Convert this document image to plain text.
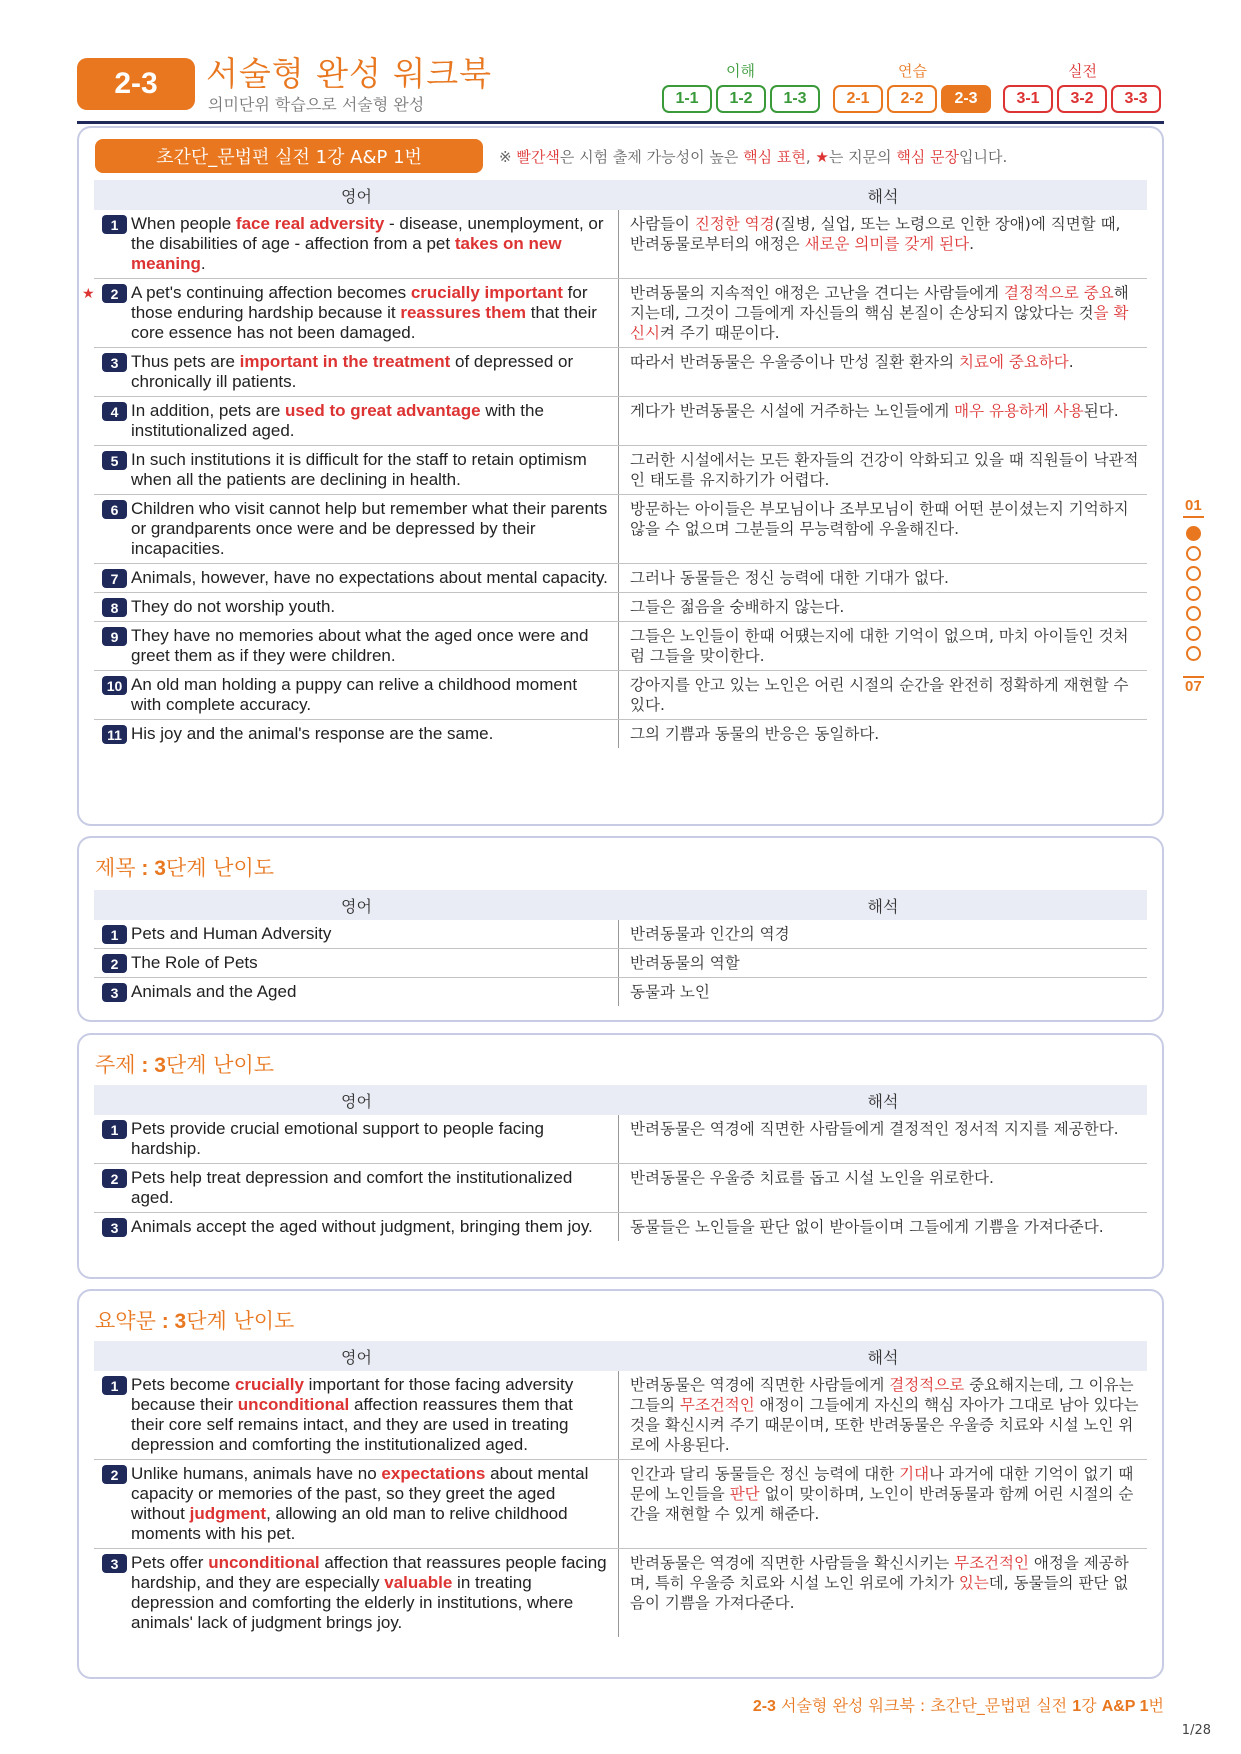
2-3	서술형 완성 워크북
의미단위 학습으로 서술형 완성
이해	연습	실전
1-1	1-2	1-3	2-1	2-2	2-3	3-1	3-2	3-3
초간단_문법편 실전 1강 A&P 1번	※ 빨간색은 시험 출제 가능성이 높은 핵심 표현, ★는 지문의 핵심 문장입니다.
영어	해석
1 When people face real adversity - disease, unemployment, or the disabilities of age - affection from a pet takes on new meaning.
사람들이 진정한 역경(질병, 실업, 또는 노령으로 인한 장애)에 직면할 때, 반려동물로부터의 애정은 새로운 의미를 갖게 된다.
★	2 A pet's continuing affection becomes crucially important for those enduring hardship because it reassures them that their core essence has not been damaged.
반려동물의 지속적인 애정은 고난을 견디는 사람들에게 결정적으로 중요해지는데, 그것이 그들에게 자신들의 핵심 본질이 손상되지 않았다는 것을 확신시켜 주기 때문이다.
3 Thus pets are important in the treatment of depressed or chronically ill patients.
따라서 반려동물은 우울증이나 만성 질환 환자의 치료에 중요하다.
4 In addition, pets are used to great advantage with the institutionalized aged.
게다가 반려동물은 시설에 거주하는 노인들에게 매우 유용하게 사용된다.
5 In such institutions it is difficult for the staff to retain optimism when all the patients are declining in health.
그러한 시설에서는 모든 환자들의 건강이 악화되고 있을 때 직원들이 낙관적인 태도를 유지하기가 어렵다.
6 Children who visit cannot help but remember what their parents or grandparents once were and be depressed by their incapacities.
방문하는 아이들은 부모님이나 조부모님이 한때 어떤 분이셨는지 기억하지 않을 수 없으며 그분들의 무능력함에 우울해진다.
7 Animals, however, have no expectations about mental capacity.	그러나 동물들은 정신 능력에 대한 기대가 없다.
8 They do not worship youth.	그들은 젊음을 숭배하지 않는다.
9 They have no memories about what the aged once were and greet them as if they were children.
그들은 노인들이 한때 어떘는지에 대한 기억이 없으며, 마치 아이들인 것처럼 그들을 맞이한다.
10 An old man holding a puppy can relive a childhood moment with complete accuracy.
강아지를 안고 있는 노인은 어린 시절의 순간을 완전히 정확하게 재현할 수 있다.
11 His joy and the animal's response are the same.	그의 기쁨과 동물의 반응은 동일하다.
제목 : 3단계 난이도
영어	해석
1 Pets and Human Adversity	반려동물과 인간의 역경
2 The Role of Pets	반려동물의 역할
3 Animals and the Aged	동물과 노인
주제 : 3단계 난이도
영어	해석
1 Pets provide crucial emotional support to people facing hardship.
반려동물은 역경에 직면한 사람들에게 결정적인 정서적 지지를 제공한다.
2 Pets help treat depression and comfort the institutionalized aged.
반려동물은 우울증 치료를 돕고 시설 노인을 위로한다.
3 Animals accept the aged without judgment, bringing them joy.	동물들은 노인들을 판단 없이 받아들이며 그들에게 기쁨을 가져다준다.
요약문 : 3단계 난이도
영어	해석
1 Pets become crucially important for those facing adversity because their unconditional affection reassures them that their core self remains intact, and they are used in treating depression and comforting the institutionalized aged.
반려동물은 역경에 직면한 사람들에게 결정적으로 중요해지는데, 그 이유는 그들의 무조건적인 애정이 그들에게 자신의 핵심 자아가 그대로 남아 있다는 것을 확신시켜 주기 때문이며, 또한 반려동물은 우울증 치료와 시설 노인 위로에 사용된다.
2 Unlike humans, animals have no expectations about mental capacity or memories of the past, so they greet the aged without judgment, allowing an old man to relive childhood moments with his pet.
인간과 달리 동물들은 정신 능력에 대한 기대나 과거에 대한 기억이 없기 때문에 노인들을 판단 없이 맞이하며, 노인이 반려동물과 함께 어린 시절의 순간을 재현할 수 있게 해준다.
3 Pets offer unconditional affection that reassures people facing hardship, and they are especially valuable in treating depression and comforting the elderly in institutions, where animals' lack of judgment brings joy.
반려동물은 역경에 직면한 사람들을 확신시키는 무조건적인 애정을 제공하며, 특히 우울증 치료와 시설 노인 위로에 가치가 있는데, 동물들의 판단 없음이 기쁨을 가져다준다.
01
07
2-3 서술형 완성 워크북 : 초간단_문법편 실전 1강 A&P 1번
1/28
